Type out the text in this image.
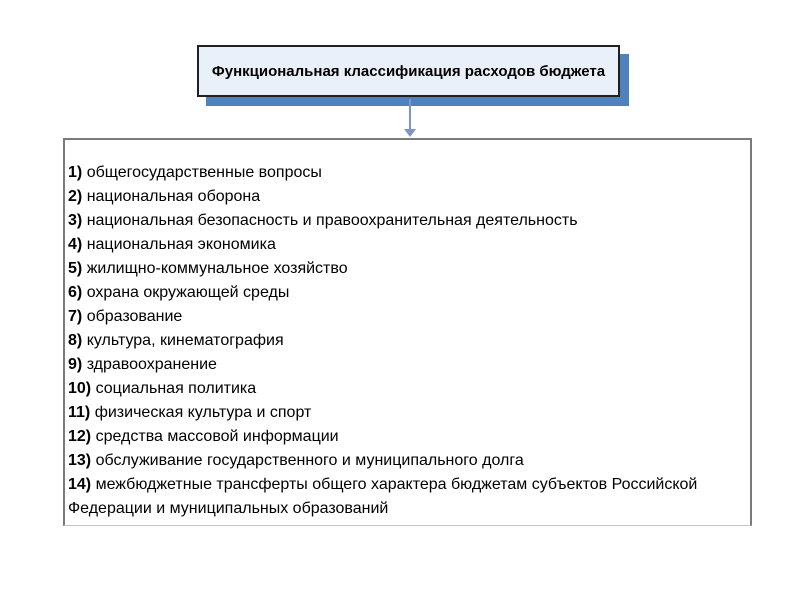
Функциональная классификация расходов бюджета
1) общегосударственные вопросы
2) национальная оборона
3) национальная безопасность и правоохранительная деятельность
4) национальная экономика
5) жилищно-коммунальное хозяйство
6) охрана окружающей среды
7) образование
8) культура, кинематография
9) здравоохранение
10) социальная политика
11) физическая культура и спорт
12) средства массовой информации
13) обслуживание государственного и муниципального долга
14) межбюджетные трансферты общего характера бюджетам субъектов Российской Федерации и муниципальных образований
